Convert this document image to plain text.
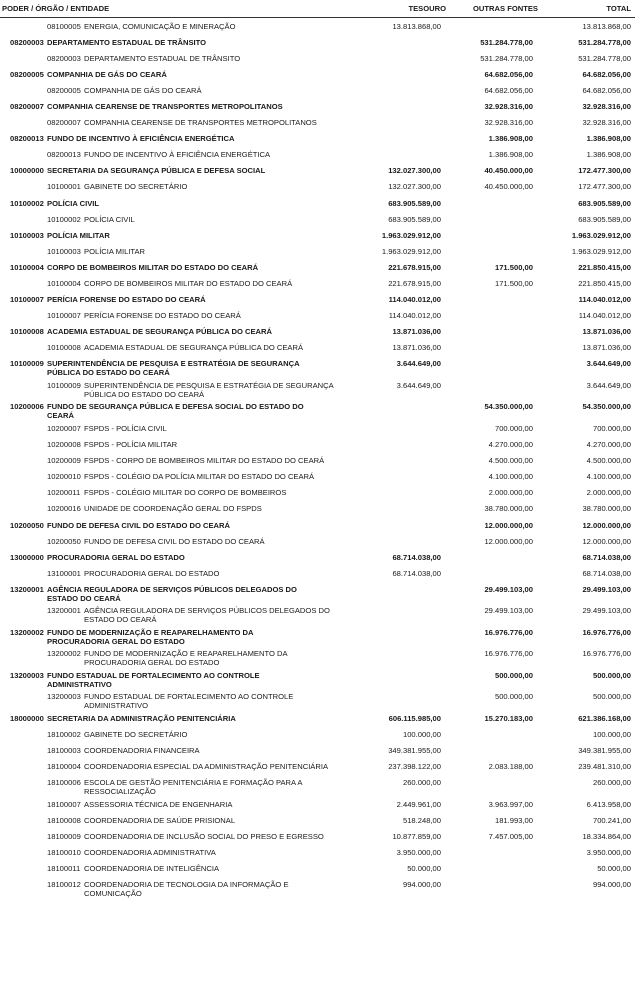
PODER / ÓRGÃO / ENTIDADE	TESOURO	OUTRAS FONTES	TOTAL
08100005 ENERGIA, COMUNICAÇÃO E MINERAÇÃO	13.813.868,00		13.813.868,00
08200003 DEPARTAMENTO ESTADUAL DE TRÂNSITO		531.284.778,00	531.284.778,00
08200003 DEPARTAMENTO ESTADUAL DE TRÂNSITO		531.284.778,00	531.284.778,00
08200005 COMPANHIA DE GÁS DO CEARÁ		64.682.056,00	64.682.056,00
08200005 COMPANHIA DE GÁS DO CEARÁ		64.682.056,00	64.682.056,00
08200007 COMPANHIA CEARENSE DE TRANSPORTES METROPOLITANOS		32.928.316,00	32.928.316,00
08200007 COMPANHIA CEARENSE DE TRANSPORTES METROPOLITANOS		32.928.316,00	32.928.316,00
08200013 FUNDO DE INCENTIVO À EFICIÊNCIA ENERGÉTICA		1.386.908,00	1.386.908,00
08200013 FUNDO DE INCENTIVO À EFICIÊNCIA ENERGÉTICA		1.386.908,00	1.386.908,00
10000000 SECRETARIA DA SEGURANÇA PÚBLICA E DEFESA SOCIAL	132.027.300,00	40.450.000,00	172.477.300,00
10100001 GABINETE DO SECRETÁRIO	132.027.300,00	40.450.000,00	172.477.300,00
10100002 POLÍCIA CIVIL	683.905.589,00		683.905.589,00
10100002 POLÍCIA CIVIL	683.905.589,00		683.905.589,00
10100003 POLÍCIA MILITAR	1.963.029.912,00		1.963.029.912,00
10100003 POLÍCIA MILITAR	1.963.029.912,00		1.963.029.912,00
10100004 CORPO DE BOMBEIROS MILITAR DO ESTADO DO CEARÁ	221.678.915,00	171.500,00	221.850.415,00
10100004 CORPO DE BOMBEIROS MILITAR DO ESTADO DO CEARÁ	221.678.915,00	171.500,00	221.850.415,00
10100007 PERÍCIA FORENSE DO ESTADO DO CEARÁ	114.040.012,00		114.040.012,00
10100007 PERÍCIA FORENSE DO ESTADO DO CEARÁ	114.040.012,00		114.040.012,00
10100008 ACADEMIA ESTADUAL DE SEGURANÇA PÚBLICA DO CEARÁ	13.871.036,00		13.871.036,00
10100008 ACADEMIA ESTADUAL DE SEGURANÇA PÚBLICA DO CEARÁ	13.871.036,00		13.871.036,00
10100009 SUPERINTENDÊNCIA DE PESQUISA E ESTRATÉGIA DE SEGURANÇA PÚBLICA DO ESTADO DO CEARÁ	3.644.649,00		3.644.649,00
10100009 SUPERINTENDÊNCIA DE PESQUISA E ESTRATÉGIA DE SEGURANÇA PÚBLICA DO ESTADO DO CEARÁ	3.644.649,00		3.644.649,00
10200006 FUNDO DE SEGURANÇA PÚBLICA E DEFESA SOCIAL DO ESTADO DO CEARÁ		54.350.000,00	54.350.000,00
10200007 FSPDS - POLÍCIA CIVIL		700.000,00	700.000,00
10200008 FSPDS - POLÍCIA MILITAR		4.270.000,00	4.270.000,00
10200009 FSPDS - CORPO DE BOMBEIROS MILITAR DO ESTADO DO CEARÁ		4.500.000,00	4.500.000,00
10200010 FSPDS - COLÉGIO DA POLÍCIA MILITAR DO ESTADO DO CEARÁ		4.100.000,00	4.100.000,00
10200011 FSPDS - COLÉGIO MILITAR DO CORPO DE BOMBEIROS		2.000.000,00	2.000.000,00
10200016 UNIDADE DE COORDENAÇÃO GERAL DO FSPDS		38.780.000,00	38.780.000,00
10200050 FUNDO DE DEFESA CIVIL DO ESTADO DO CEARÁ		12.000.000,00	12.000.000,00
10200050 FUNDO DE DEFESA CIVIL DO ESTADO DO CEARÁ		12.000.000,00	12.000.000,00
13000000 PROCURADORIA GERAL DO ESTADO	68.714.038,00		68.714.038,00
13100001 PROCURADORIA GERAL DO ESTADO	68.714.038,00		68.714.038,00
13200001 AGÊNCIA REGULADORA DE SERVIÇOS PÚBLICOS DELEGADOS DO ESTADO DO CEARÁ		29.499.103,00	29.499.103,00
13200001 AGÊNCIA REGULADORA DE SERVIÇOS PÚBLICOS DELEGADOS DO ESTADO DO CEARÁ		29.499.103,00	29.499.103,00
13200002 FUNDO DE MODERNIZAÇÃO E REAPARELHAMENTO DA PROCURADORIA GERAL DO ESTADO		16.976.776,00	16.976.776,00
13200002 FUNDO DE MODERNIZAÇÃO E REAPARELHAMENTO DA PROCURADORIA GERAL DO ESTADO		16.976.776,00	16.976.776,00
13200003 FUNDO ESTADUAL DE FORTALECIMENTO AO CONTROLE ADMINISTRATIVO		500.000,00	500.000,00
13200003 FUNDO ESTADUAL DE FORTALECIMENTO AO CONTROLE ADMINISTRATIVO		500.000,00	500.000,00
18000000 SECRETARIA DA ADMINISTRAÇÃO PENITENCIÁRIA	606.115.985,00	15.270.183,00	621.386.168,00
18100002 GABINETE DO SECRETÁRIO	100.000,00		100.000,00
18100003 COORDENADORIA FINANCEIRA	349.381.955,00		349.381.955,00
18100004 COORDENADORIA ESPECIAL DA ADMINISTRAÇÃO PENITENCIÁRIA	237.398.122,00	2.083.188,00	239.481.310,00
18100006 ESCOLA DE GESTÃO PENITENCIÁRIA E FORMAÇÃO PARA A RESSOCIALIZAÇÃO	260.000,00		260.000,00
18100007 ASSESSORIA TÉCNICA DE ENGENHARIA	2.449.961,00	3.963.997,00	6.413.958,00
18100008 COORDENADORIA DE SAÚDE PRISIONAL	518.248,00	181.993,00	700.241,00
18100009 COORDENADORIA DE INCLUSÃO SOCIAL DO PRESO E EGRESSO	10.877.859,00	7.457.005,00	18.334.864,00
18100010 COORDENADORIA ADMINISTRATIVA	3.950.000,00		3.950.000,00
18100011 COORDENADORIA DE INTELIGÊNCIA	50.000,00		50.000,00
18100012 COORDENADORIA DE TECNOLOGIA DA INFORMAÇÃO E COMUNICAÇÃO	994.000,00		994.000,00
